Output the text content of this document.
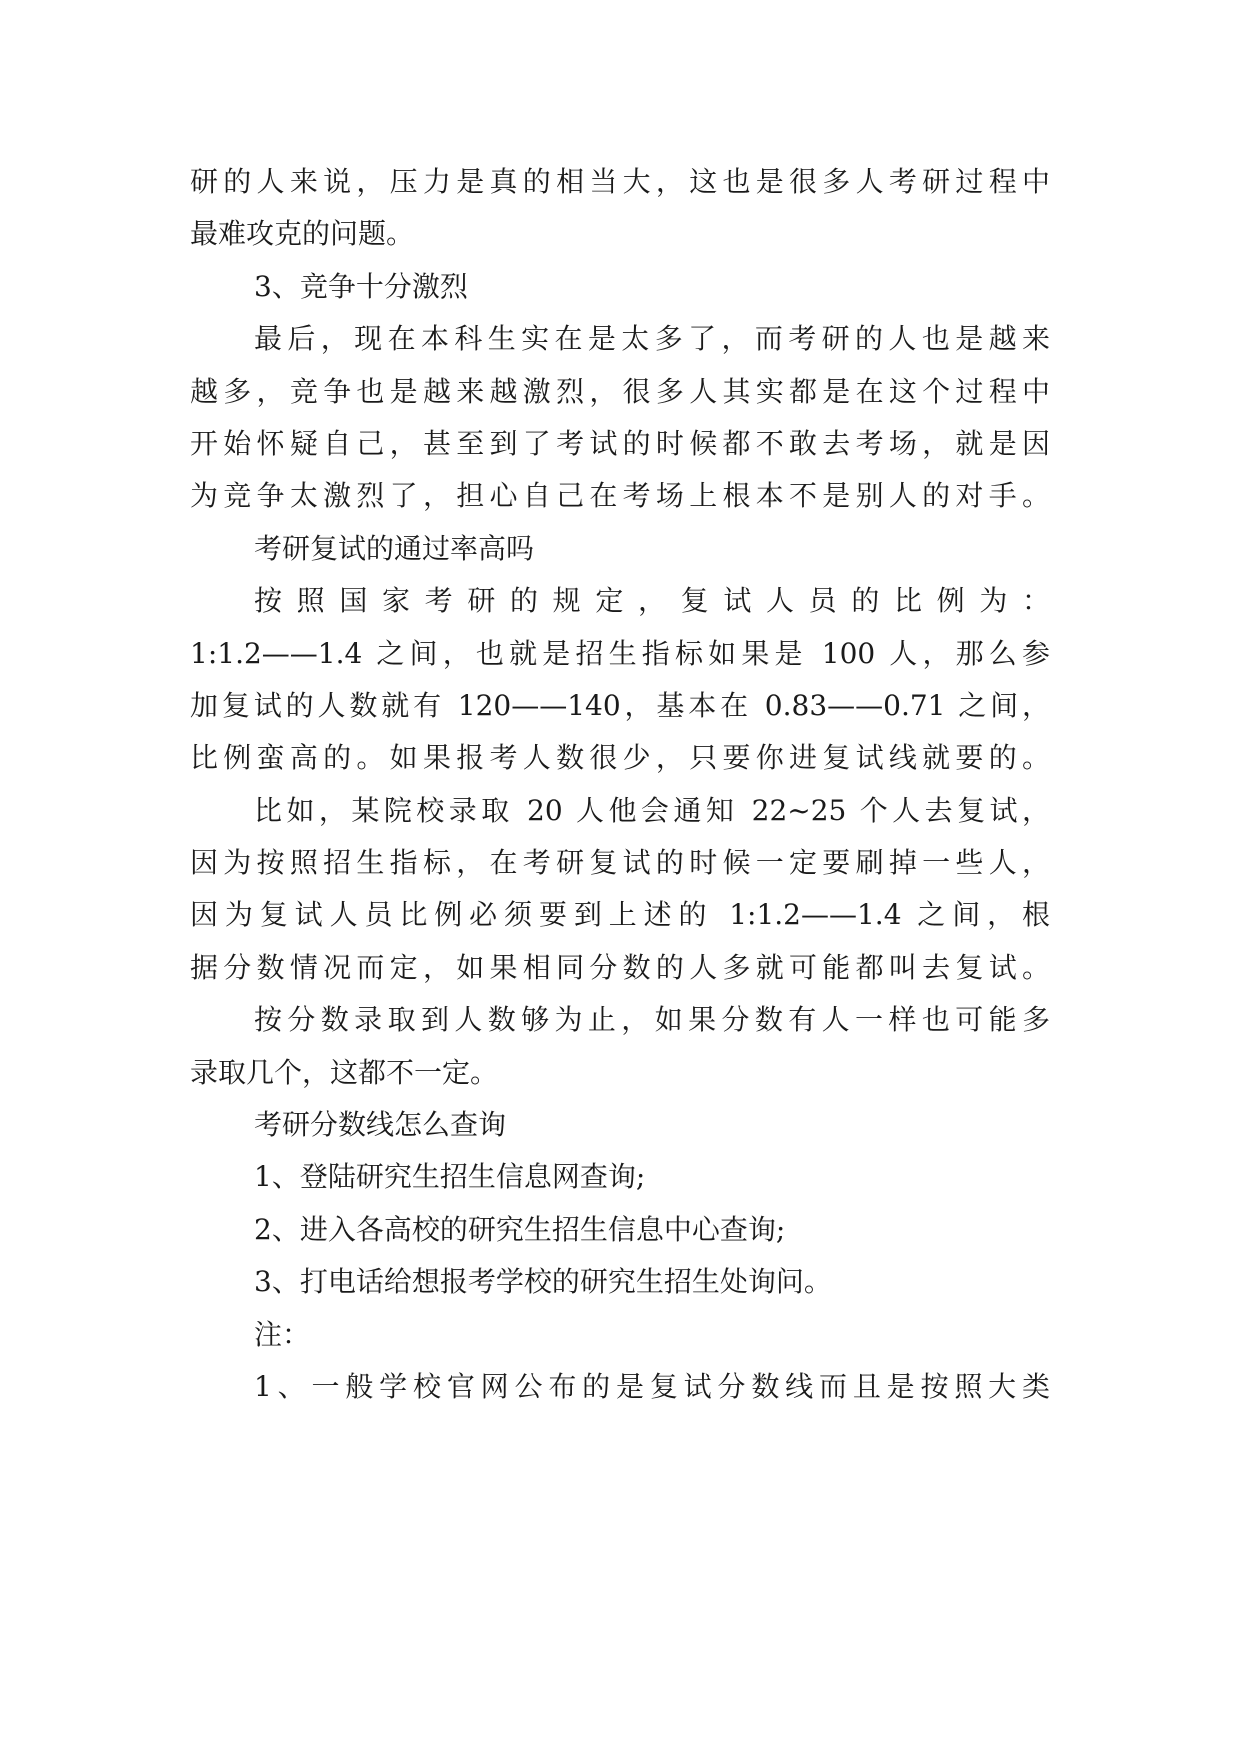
研的人来说，压力是真的相当大，这也是很多人考研过程中
最难攻克的问题。
3、竞争十分激烈
最后，现在本科生实在是太多了，而考研的人也是越来
越多，竞争也是越来越激烈，很多人其实都是在这个过程中
开始怀疑自己，甚至到了考试的时候都不敢去考场，就是因
为竞争太激烈了，担心自己在考场上根本不是别人的对手。
考研复试的通过率高吗
按照国家考研的规定，复试人员的比例为：
1:1.2——1.4 之间，也就是招生指标如果是 100 人，那么参
加复试的人数就有 120——140，基本在 0.83——0.71 之间，
比例蛮高的。如果报考人数很少，只要你进复试线就要的。
比如，某院校录取 20 人他会通知 22~25 个人去复试，
因为按照招生指标，在考研复试的时候一定要刷掉一些人，
因为复试人员比例必须要到上述的 1:1.2——1.4 之间，根
据分数情况而定，如果相同分数的人多就可能都叫去复试。
按分数录取到人数够为止，如果分数有人一样也可能多
录取几个，这都不一定。
考研分数线怎么查询
1、登陆研究生招生信息网查询;
2、进入各高校的研究生招生信息中心查询;
3、打电话给想报考学校的研究生招生处询问。
注：
1、一般学校官网公布的是复试分数线而且是按照大类
